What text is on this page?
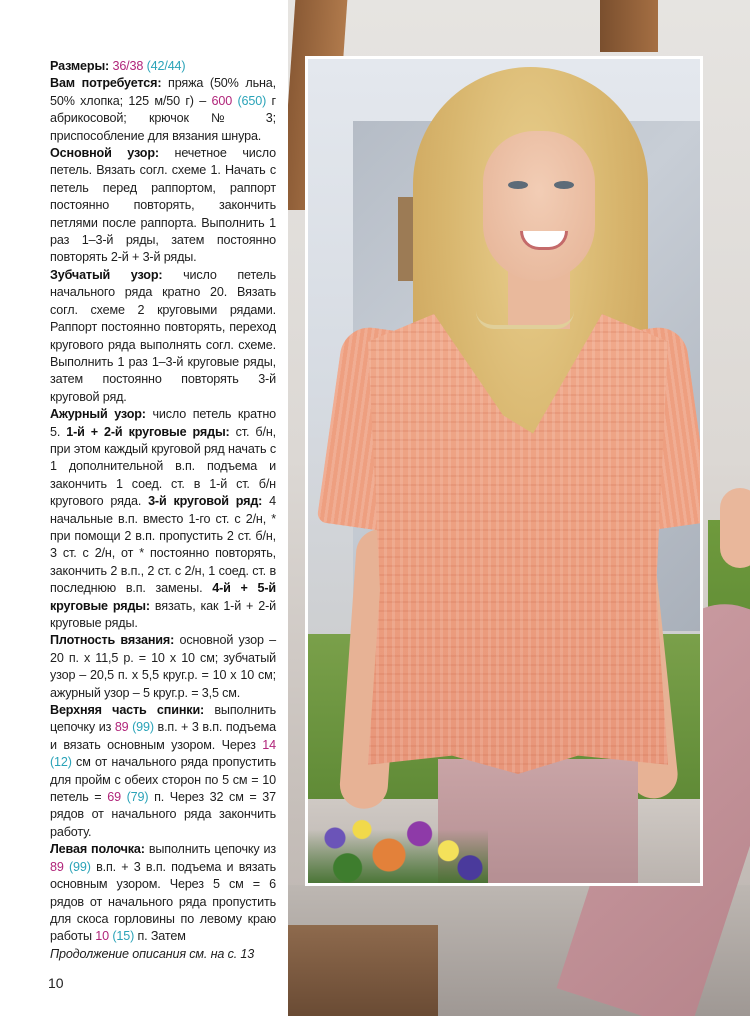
Размеры: 36/38 (42/44)

Вам потребуется: пряжа (50% льна, 50% хлопка; 125 м/50 г) – 600 (650) г абрикосовой; крючок № 3; приспособление для вязания шнура.

Основной узор: нечетное число петель. Вязать согл. схеме 1. Начать с петель перед раппортом, раппорт постоянно повторять, закончить петлями после раппорта. Выполнить 1 раз 1–3-й ряды, затем постоянно повторять 2-й + 3-й ряды.

Зубчатый узор: число петель начального ряда кратно 20. Вязать согл. схеме 2 круговыми рядами. Раппорт постоянно повторять, переход кругового ряда выполнять согл. схеме. Выполнить 1 раз 1–3-й круговые ряды, затем постоянно повторять 3-й круговой ряд.

Ажурный узор: число петель кратно 5. 1-й + 2-й круговые ряды: ст. б/н, при этом каждый круговой ряд начать с 1 дополнительной в.п. подъема и закончить 1 соед. ст. в 1-й ст. б/н кругового ряда. 3-й круговой ряд: 4 начальные в.п. вместо 1-го ст. с 2/н, * при помощи 2 в.п. пропустить 2 ст. б/н, 3 ст. с 2/н, от * постоянно повторять, закончить 2 в.п., 2 ст. с 2/н, 1 соед. ст. в последнюю в.п. замены. 4-й + 5-й круговые ряды: вязать, как 1-й + 2-й круговые ряды.

Плотность вязания: основной узор – 20 п. х 11,5 р. = 10 х 10 см; зубчатый узор – 20,5 п. х 5,5 круг.р. = 10 х 10 см; ажурный узор – 5 круг.р. = 3,5 см.

Верхняя часть спинки: выполнить цепочку из 89 (99) в.п. + 3 в.п. подъема и вязать основным узором. Через 14 (12) см от начального ряда пропустить для пройм с обеих сторон по 5 см = 10 петель = 69 (79) п. Через 32 см = 37 рядов от начального ряда закончить работу.

Левая полочка: выполнить цепочку из 89 (99) в.п. + 3 в.п. подъема и вязать основным узором. Через 5 см = 6 рядов от начального ряда пропустить для скоса горловины по левому краю работы 10 (15) п. Затем

Продолжение описания см. на с. 13

10
